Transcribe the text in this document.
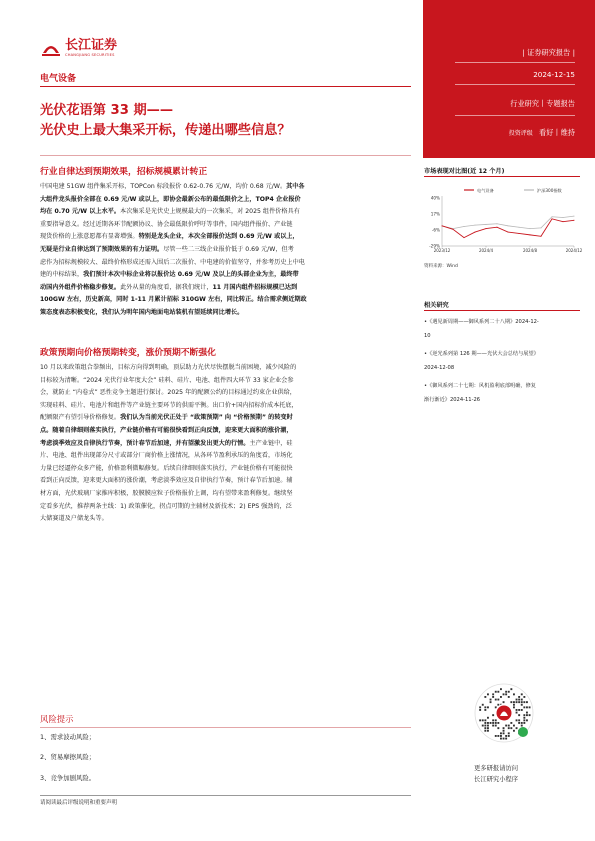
| 证券研究报告 |
2024-12-15
行业研究丨专题报告
投资评级 看好丨维持
长江证券
CHANGJIANG SECURITIES
电气设备
光伏花语第 33 期——
光伏史上最大集采开标，传递出哪些信息？
行业自律达到预期效果，招标规模累计转正
中国电建 51GW 组件集采开标，TOPCon 标段报价 0.62-0.76 元/W，均价 0.68 元/W。其中各
大组件龙头报价全部在 0.69 元/W 或以上，即协会最新公布的最低限价之上，TOP4 企业报价
均在 0.70 元/W 以上水平。本次集采是光伏史上规模最大的一次集采，对 2025 组件价格具有
重要指导意义。经过近期各环节配额协议、协会最低限价呼吁等事件，国内组件报价、产业链
现货价格的上涨意愿都有显著增强。特别是龙头企业，本次全部报价达到 0.69 元/W 或以上，
无疑是行业自律达到了预期效果的有力证明。尽管一些二三线企业报价低于 0.69 元/W，但考
虑作为招标规模较大、最终价格形成还需入围后二次报价、中电建的价值坚守，并参考历史上中电
建的中标结果，我们预计本次中标企业将以报价达 0.69 元/W 及以上的头部企业为主，最终带
动国内外组件价格稳步修复。此外从量的角度看，据我们统计，11 月国内组件招标规模已达到
100GW 左右，历史新高，同时 1-11 月累计招标 310GW 左右，同比转正。结合需求侧近期政
策态度表态积极变化，我们认为明年国内地面电站装机有望延续同比增长。
政策预期向价格预期转变，涨价预期不断强化
10 月以来政策组合拳频出，目标方向得到明确，顶层助力光伏尽快摆脱当前困境，减少风险的
目标较为清晰。“2024 光伏行业年度大会” 硅料、硅片、电池、组件四大环节 33 家企业会参
会，就防止 “内卷式” 恶性竞争主题进行探讨。2025 年的配额公约的目标通过约束企业供给，
实现硅料、硅片、电池片和组件等产业链主要环节的供需平衡。出口价+国内招标价成本托底，
配额限产有望引导价格修复。我们认为当前光伏正处于 “政策预期” 向 “价格预期” 的转变时
点。随着自律细则落实执行，产业链价格有可能很快看到正向反馈，迎来更大面积的涨价潮，
考虑淡季效应及自律执行节奏，预计春节后加速，并有望激发出更大的行情。主产业链中，硅
片、电池、组件出现部分尺寸或部分厂商价格上涨情况，从各环节盈利承压的角度看，市场化
力量已经逼停众多产能，价格盈利微幅修复。后续自律细则落实执行，产业链价格有可能很快
看到正向反馈，迎来更大面积的涨价潮，考虑淡季效应及自律执行节奏，预计春节后加速。辅
材方面，光伏玻璃厂家推库积极，胶膜膜应粒子价格报价上调，均有望带来盈利修复。继续坚
定看多光伏，推荐两条主线：1) 政策催化，拐点可期的主辅材及新技术；2) EPS 强劲的，泛
大储赛道及户储龙头等。
风险提示
1、需求波动风险；
2、贸易摩擦风险；
3、竞争加剧风险。
请阅读最后评级说明和重要声明
市场表现对比图(近 12 个月)
电气设备	沪深300指数
40%
17%
-6%
-29%
2023/12	2024/4	2024/8	2024/12
资料来源：Wind
相关研究
•《遇见新周期——御风系列二十八期》2024-12-
10
•《逆光系列第 126 期——光伏大会总结与展望》
2024-12-08
•《御风系列二十七期：风机盈利底部明确，修复
渐行渐近》2024-11-26
更多研报请访问
长江研究小程序
